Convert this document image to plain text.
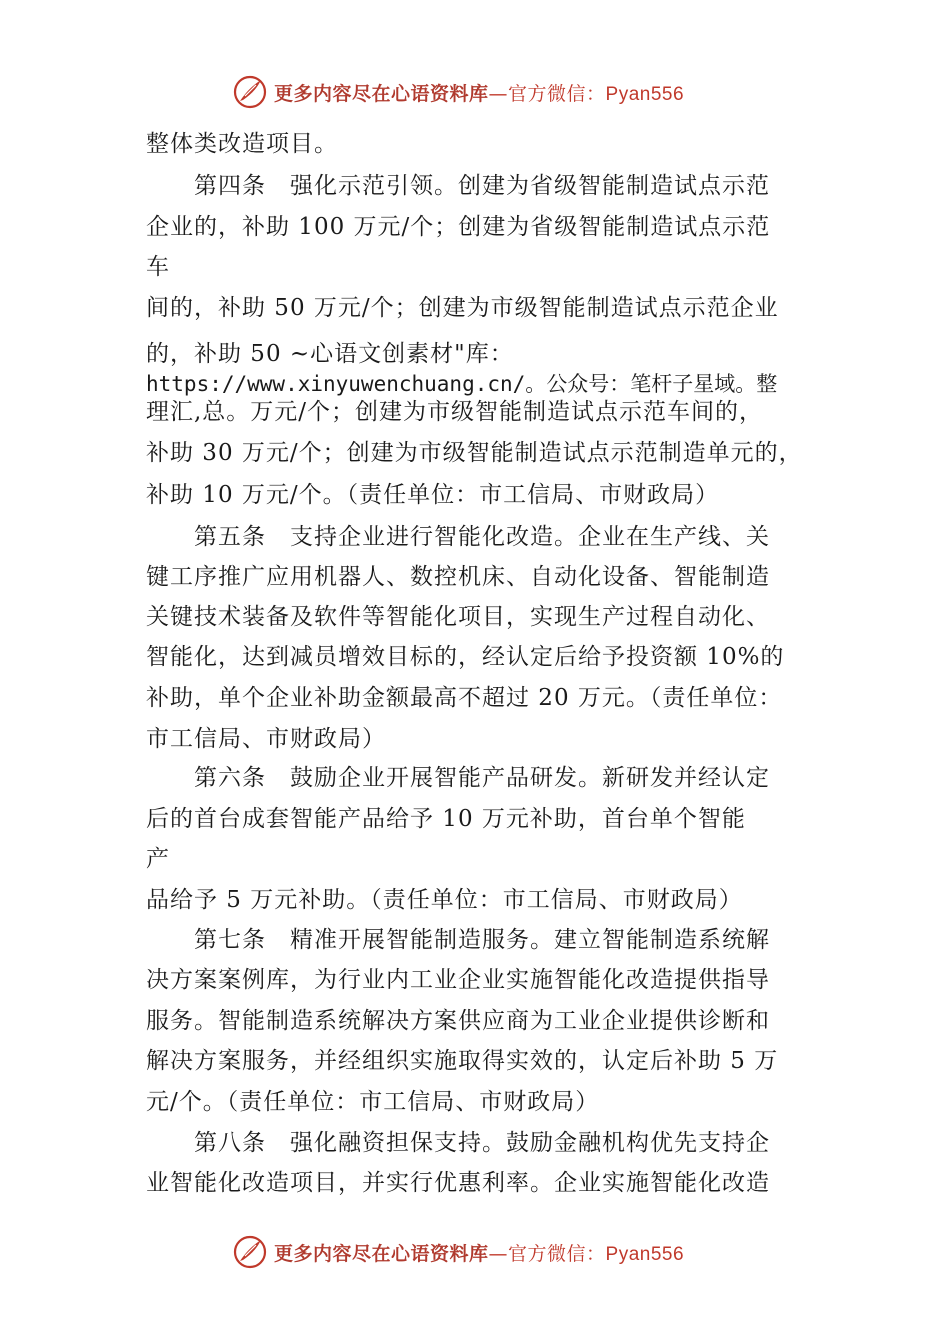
更多内容尽在心语资料库—官方微信：Pyan556
整体类改造项目。
　　第四条　强化示范引领。创建为省级智能制造试点示范
企业的，补助 100 万元/个；创建为省级智能制造试点示范
车
间的，补助 50 万元/个；创建为市级智能制造试点示范企业
的，补助 50 ~心语文创素材"库：
https://www.xinyuwenchuang.cn/。公众号：笔杆子星域。整
理汇,总。万元/个；创建为市级智能制造试点示范车间的，
补助 30 万元/个；创建为市级智能制造试点示范制造单元的，
补助 10 万元/个。（责任单位：市工信局、市财政局）
　　第五条　支持企业进行智能化改造。企业在生产线、关
键工序推广应用机器人、数控机床、自动化设备、智能制造
关键技术装备及软件等智能化项目，实现生产过程自动化、
智能化，达到减员增效目标的，经认定后给予投资额 10%的
补助，单个企业补助金额最高不超过 20 万元。（责任单位：
市工信局、市财政局）
　　第六条　鼓励企业开展智能产品研发。新研发并经认定
后的首台成套智能产品给予 10 万元补助，首台单个智能
产
品给予 5 万元补助。（责任单位：市工信局、市财政局）
　　第七条　精准开展智能制造服务。建立智能制造系统解
决方案案例库，为行业内工业企业实施智能化改造提供指导
服务。智能制造系统解决方案供应商为工业企业提供诊断和
解决方案服务，并经组织实施取得实效的，认定后补助 5 万
元/个。（责任单位：市工信局、市财政局）
　　第八条　强化融资担保支持。鼓励金融机构优先支持企
业智能化改造项目，并实行优惠利率。企业实施智能化改造
更多内容尽在心语资料库—官方微信：Pyan556
